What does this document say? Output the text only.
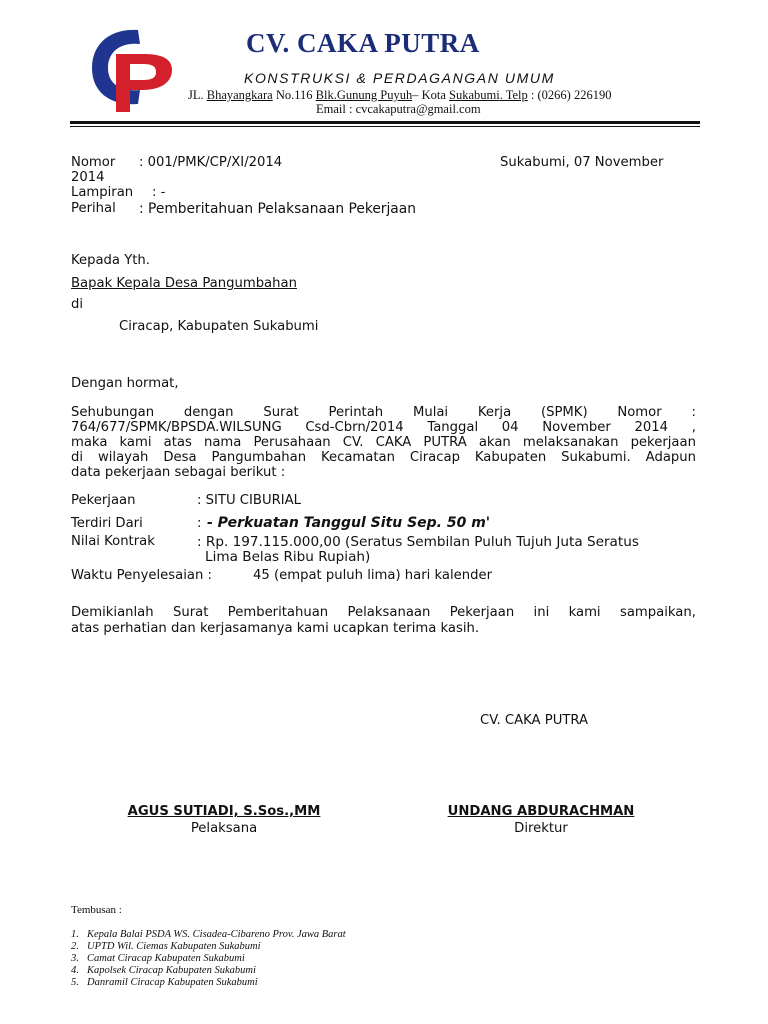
CV. CAKA PUTRA
KONSTRUKSI & PERDAGANGAN UMUM
JL. Bhayangkara No.116 Blk.Gunung Puyuh– Kota Sukabumi. Telp : (0266) 226190
Email : cvcakaputra@gmail.com
Nomor : 001/PMK/CP/XI/2014	Sukabumi, 07 November
2014
Lampiran : -
Perihal : Pemberitahuan Pelaksanaan Pekerjaan
Kepada Yth.
Bapak Kepala Desa Pangumbahan
di
Ciracap, Kabupaten Sukabumi
Dengan hormat,
Sehubungan dengan Surat Perintah Mulai Kerja (SPMK) Nomor :
764/677/SPMK/BPSDA.WILSUNG Csd-Cbrn/2014 Tanggal 04 November 2014 ,
maka kami atas nama Perusahaan CV. CAKA PUTRA akan melaksanakan pekerjaan
di wilayah Desa Pangumbahan Kecamatan Ciracap Kabupaten Sukabumi. Adapun
data pekerjaan sebagai berikut :
Pekerjaan	: SITU CIBURIAL
Terdiri Dari	: - Perkuatan Tanggul Situ Sep. 50 m'
Nilai Kontrak	: Rp. 197.115.000,00 (Seratus Sembilan Puluh Tujuh Juta Seratus
Lima Belas Ribu Rupiah)
Waktu Penyelesaian :	45 (empat puluh lima) hari kalender
Demikianlah Surat Pemberitahuan Pelaksanaan Pekerjaan ini kami sampaikan,
atas perhatian dan kerjasamanya kami ucapkan terima kasih.
CV. CAKA PUTRA
AGUS SUTIADI, S.Sos.,MM
Pelaksana
UNDANG ABDURACHMAN
Direktur
Tembusan :
1. Kepala Balai PSDA WS. Cisadea-Cibareno Prov. Jawa Barat
2. UPTD Wil. Ciemas Kabupaten Sukabumi
3. Camat Ciracap Kabupaten Sukabumi
4. Kapolsek Ciracap Kabupaten Sukabumi
5. Danramil Ciracap Kabupaten Sukabumi
